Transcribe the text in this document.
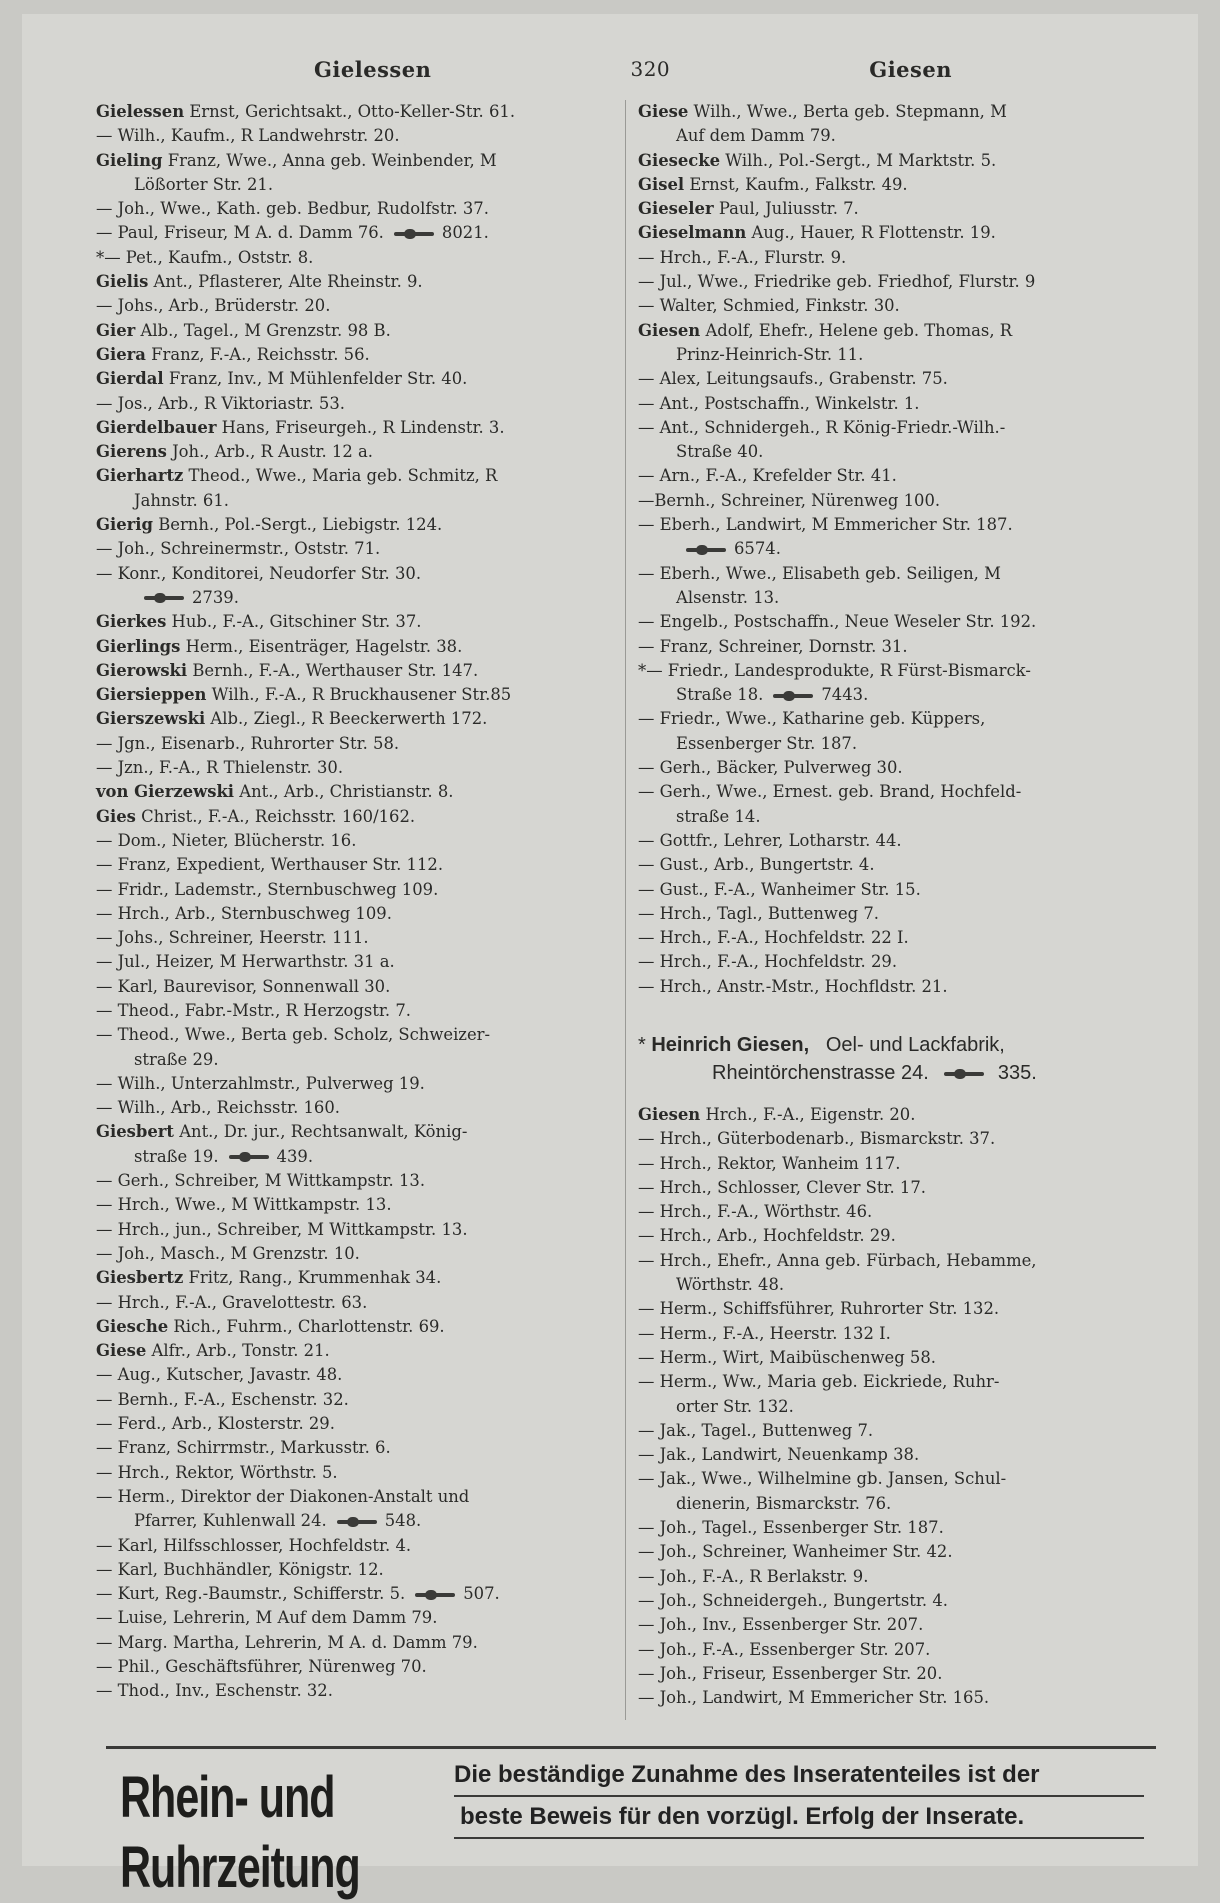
Gielessen	320	Giesen
Gielessen Ernst, Gerichtsakt., Otto-Keller-Str. 61.
— Wilh., Kaufm., R Landwehrstr. 20.
Gieling Franz, Wwe., Anna geb. Weinbender, M
Lößorter Str. 21.
— Joh., Wwe., Kath. geb. Bedbur, Rudolfstr. 37.
— Paul, Friseur, M A. d. Damm 76.	8021.
*— Pet., Kaufm., Oststr. 8.
Gielis Ant., Pflasterer, Alte Rheinstr. 9.
— Johs., Arb., Brüderstr. 20.
Gier Alb., Tagel., M Grenzstr. 98 B.
Giera Franz, F.-A., Reichsstr. 56.
Gierdal Franz, Inv., M Mühlenfelder Str. 40.
— Jos., Arb., R Viktoriastr. 53.
Gierdelbauer Hans, Friseurgeh., R Lindenstr. 3.
Gierens Joh., Arb., R Austr. 12 a.
Gierhartz Theod., Wwe., Maria geb. Schmitz, R
Jahnstr. 61.
Gierig Bernh., Pol.-Sergt., Liebigstr. 124.
— Joh., Schreinermstr., Oststr. 71.
— Konr., Konditorei, Neudorfer Str. 30.
2739.
Gierkes Hub., F.-A., Gitschiner Str. 37.
Gierlings Herm., Eisenträger, Hagelstr. 38.
Gierowski Bernh., F.-A., Werthauser Str. 147.
Giersieppen Wilh., F.-A., R Bruckhausener Str.85
Gierszewski Alb., Ziegl., R Beeckerwerth 172.
— Jgn., Eisenarb., Ruhrorter Str. 58.
— Jzn., F.-A., R Thielenstr. 30.
von Gierzewski Ant., Arb., Christianstr. 8.
Gies Christ., F.-A., Reichsstr. 160/162.
— Dom., Nieter, Blücherstr. 16.
— Franz, Expedient, Werthauser Str. 112.
— Fridr., Lademstr., Sternbuschweg 109.
— Hrch., Arb., Sternbuschweg 109.
— Johs., Schreiner, Heerstr. 111.
— Jul., Heizer, M Herwarthstr. 31 a.
— Karl, Baurevisor, Sonnenwall 30.
— Theod., Fabr.-Mstr., R Herzogstr. 7.
— Theod., Wwe., Berta geb. Scholz, Schweizer-
straße 29.
— Wilh., Unterzahlmstr., Pulverweg 19.
— Wilh., Arb., Reichsstr. 160.
Giesbert Ant., Dr. jur., Rechtsanwalt, König-
straße 19.	439.
— Gerh., Schreiber, M Wittkampstr. 13.
— Hrch., Wwe., M Wittkampstr. 13.
— Hrch., jun., Schreiber, M Wittkampstr. 13.
— Joh., Masch., M Grenzstr. 10.
Giesbertz Fritz, Rang., Krummenhak 34.
— Hrch., F.-A., Gravelottestr. 63.
Giesche Rich., Fuhrm., Charlottenstr. 69.
Giese Alfr., Arb., Tonstr. 21.
— Aug., Kutscher, Javastr. 48.
— Bernh., F.-A., Eschenstr. 32.
— Ferd., Arb., Klosterstr. 29.
— Franz, Schirrmstr., Markusstr. 6.
— Hrch., Rektor, Wörthstr. 5.
— Herm., Direktor der Diakonen-Anstalt und
Pfarrer, Kuhlenwall 24.	548.
— Karl, Hilfsschlosser, Hochfeldstr. 4.
— Karl, Buchhändler, Königstr. 12.
— Kurt, Reg.-Baumstr., Schifferstr. 5.	507.
— Luise, Lehrerin, M Auf dem Damm 79.
— Marg. Martha, Lehrerin, M A. d. Damm 79.
— Phil., Geschäftsführer, Nürenweg 70.
— Thod., Inv., Eschenstr. 32.
Giese Wilh., Wwe., Berta geb. Stepmann, M
Auf dem Damm 79.
Giesecke Wilh., Pol.-Sergt., M Marktstr. 5.
Gisel Ernst, Kaufm., Falkstr. 49.
Gieseler Paul, Juliusstr. 7.
Gieselmann Aug., Hauer, R Flottenstr. 19.
— Hrch., F.-A., Flurstr. 9.
— Jul., Wwe., Friedrike geb. Friedhof, Flurstr. 9
— Walter, Schmied, Finkstr. 30.
Giesen Adolf, Ehefr., Helene geb. Thomas, R
Prinz-Heinrich-Str. 11.
— Alex, Leitungsaufs., Grabenstr. 75.
— Ant., Postschaffn., Winkelstr. 1.
— Ant., Schnidergeh., R König-Friedr.-Wilh.-
Straße 40.
— Arn., F.-A., Krefelder Str. 41.
—Bernh., Schreiner, Nürenweg 100.
— Eberh., Landwirt, M Emmericher Str. 187.
6574.
— Eberh., Wwe., Elisabeth geb. Seiligen, M
Alsenstr. 13.
— Engelb., Postschaffn., Neue Weseler Str. 192.
— Franz, Schreiner, Dornstr. 31.
*— Friedr., Landesprodukte, R Fürst-Bismarck-
Straße 18.	7443.
— Friedr., Wwe., Katharine geb. Küppers,
Essenberger Str. 187.
— Gerh., Bäcker, Pulverweg 30.
— Gerh., Wwe., Ernest. geb. Brand, Hochfeld-
straße 14.
— Gottfr., Lehrer, Lotharstr. 44.
— Gust., Arb., Bungertstr. 4.
— Gust., F.-A., Wanheimer Str. 15.
— Hrch., Tagl., Buttenweg 7.
— Hrch., F.-A., Hochfeldstr. 22 I.
— Hrch., F.-A., Hochfeldstr. 29.
— Hrch., Anstr.-Mstr., Hochfldstr. 21.
* Heinrich Giesen, Oel- und Lackfabrik,
Rheintörchenstrasse 24.	335.
Giesen Hrch., F.-A., Eigenstr. 20.
— Hrch., Güterbodenarb., Bismarckstr. 37.
— Hrch., Rektor, Wanheim 117.
— Hrch., Schlosser, Clever Str. 17.
— Hrch., F.-A., Wörthstr. 46.
— Hrch., Arb., Hochfeldstr. 29.
— Hrch., Ehefr., Anna geb. Fürbach, Hebamme,
Wörthstr. 48.
— Herm., Schiffsführer, Ruhrorter Str. 132.
— Herm., F.-A., Heerstr. 132 I.
— Herm., Wirt, Maibüschenweg 58.
— Herm., Ww., Maria geb. Eickriede, Ruhr-
orter Str. 132.
— Jak., Tagel., Buttenweg 7.
— Jak., Landwirt, Neuenkamp 38.
— Jak., Wwe., Wilhelmine gb. Jansen, Schul-
dienerin, Bismarckstr. 76.
— Joh., Tagel., Essenberger Str. 187.
— Joh., Schreiner, Wanheimer Str. 42.
— Joh., F.-A., R Berlakstr. 9.
— Joh., Schneidergeh., Bungertstr. 4.
— Joh., Inv., Essenberger Str. 207.
— Joh., F.-A., Essenberger Str. 207.
— Joh., Friseur, Essenberger Str. 20.
— Joh., Landwirt, M Emmericher Str. 165.
Rhein- und Ruhrzeitung
Die beständige Zunahme des Inseratenteiles ist der
beste Beweis für den vorzügl. Erfolg der Inserate.
